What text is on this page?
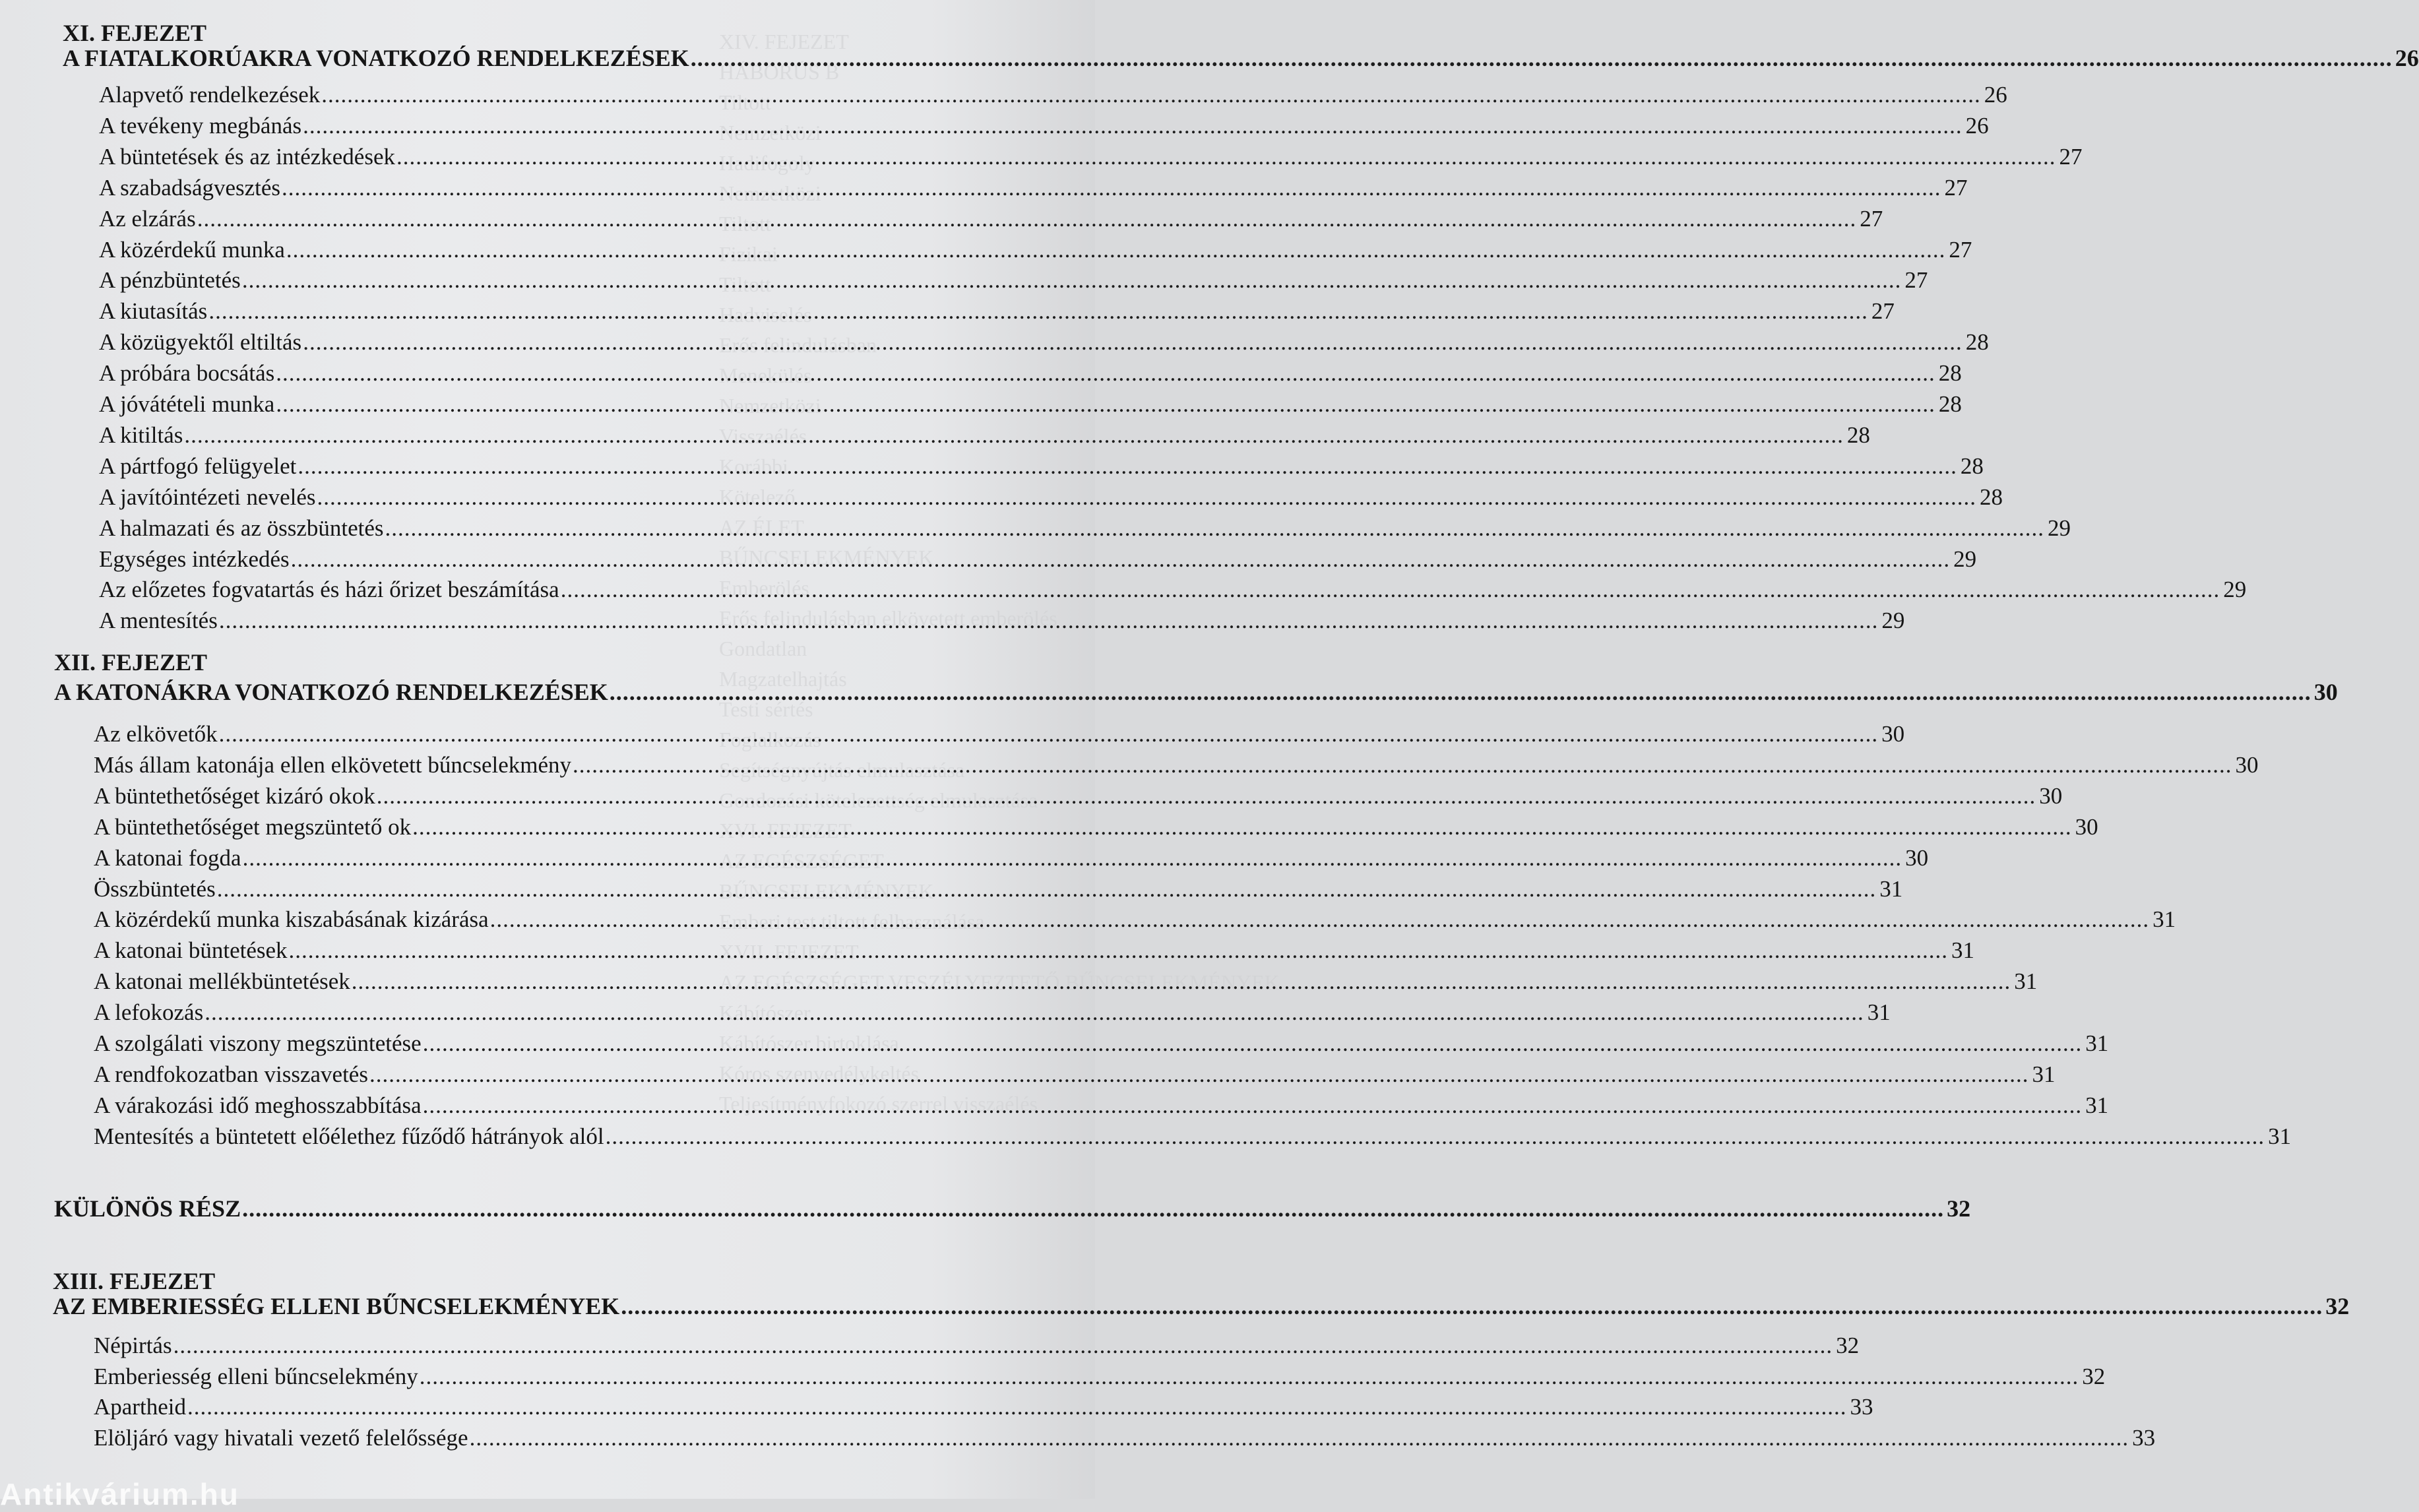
XIV. FEJEZET
HÁBORÚS B
Tiltott
Nemzetközi
Hadifogoly
Nemzetközi
Tiltott
Fizikai
Tiltott
Hadviselés
Erős felindulásban
Menekülés
Nemzetközi
Visszaélés
Korábbi
Kötelező
AZ ÉLET
BŰNCSELEKMÉNYEK
Emberölés
Erős felindulásban elkövetett emberölés
Gondatlan
Magzatelhajtás
Testi sértés
Foglalkozás
Segítségnyújtás elmulasztása
Gondozási kötelezettség elmulasztása
XVI. FEJEZET
AZ EGÉSZSÉGET
BŰNCSELEKMÉNYEK
Emberi test tiltott felhasználása
XVII. FEJEZET
AZ EGÉSZSÉGET VESZÉLYEZTETŐ BŰNCSELEKMÉNYEK
Kábítószer
Kábítószer birtoklása
Kóros szenvedélykeltés
Teljesítményfokozó szerrel visszaélés
XI. FEJEZET
A FIATALKORÚAKRA VONATKOZÓ RENDELKEZÉSEK .....	26
Alapvető rendelkezések .....	26
A tevékeny megbánás .....	26
A büntetések és az intézkedések .....	27
A szabadságvesztés .....	27
Az elzárás .....	27
A közérdekű munka .....	27
A pénzbüntetés .....	27
A kiutasítás .....	27
A közügyektől eltiltás .....	28
A próbára bocsátás .....	28
A jóvátételi munka .....	28
A kitiltás .....	28
A pártfogó felügyelet .....	28
A javítóintézeti nevelés .....	28
A halmazati és az összbüntetés .....	29
Egységes intézkedés .....	29
Az előzetes fogvatartás és házi őrizet beszámítása .....	29
A mentesítés .....	29
XII. FEJEZET
A KATONÁKRA VONATKOZÓ RENDELKEZÉSEK .....	30
Az elkövetők .....	30
Más állam katonája ellen elkövetett bűncselekmény .....	30
A büntethetőséget kizáró okok .....	30
A büntethetőséget megszüntető ok .....	30
A katonai fogda .....	30
Összbüntetés .....	31
A közérdekű munka kiszabásának kizárása .....	31
A katonai büntetések .....	31
A katonai mellékbüntetések .....	31
A lefokozás .....	31
A szolgálati viszony megszüntetése .....	31
A rendfokozatban visszavetés .....	31
A várakozási idő meghosszabbítása .....	31
Mentesítés a büntetett előélethez fűződő hátrányok alól .....	31
XIII. FEJEZET
AZ EMBERIESSÉG ELLENI BŰNCSELEKMÉNYEK .....	32
Népirtás .....	32
Emberiesség elleni bűncselekmény .....	32
Apartheid .....	33
Elöljáró vagy hivatali vezető felelőssége .....	33
KÜLÖNÖS RÉSZ .....	32
Antikvárium.hu
